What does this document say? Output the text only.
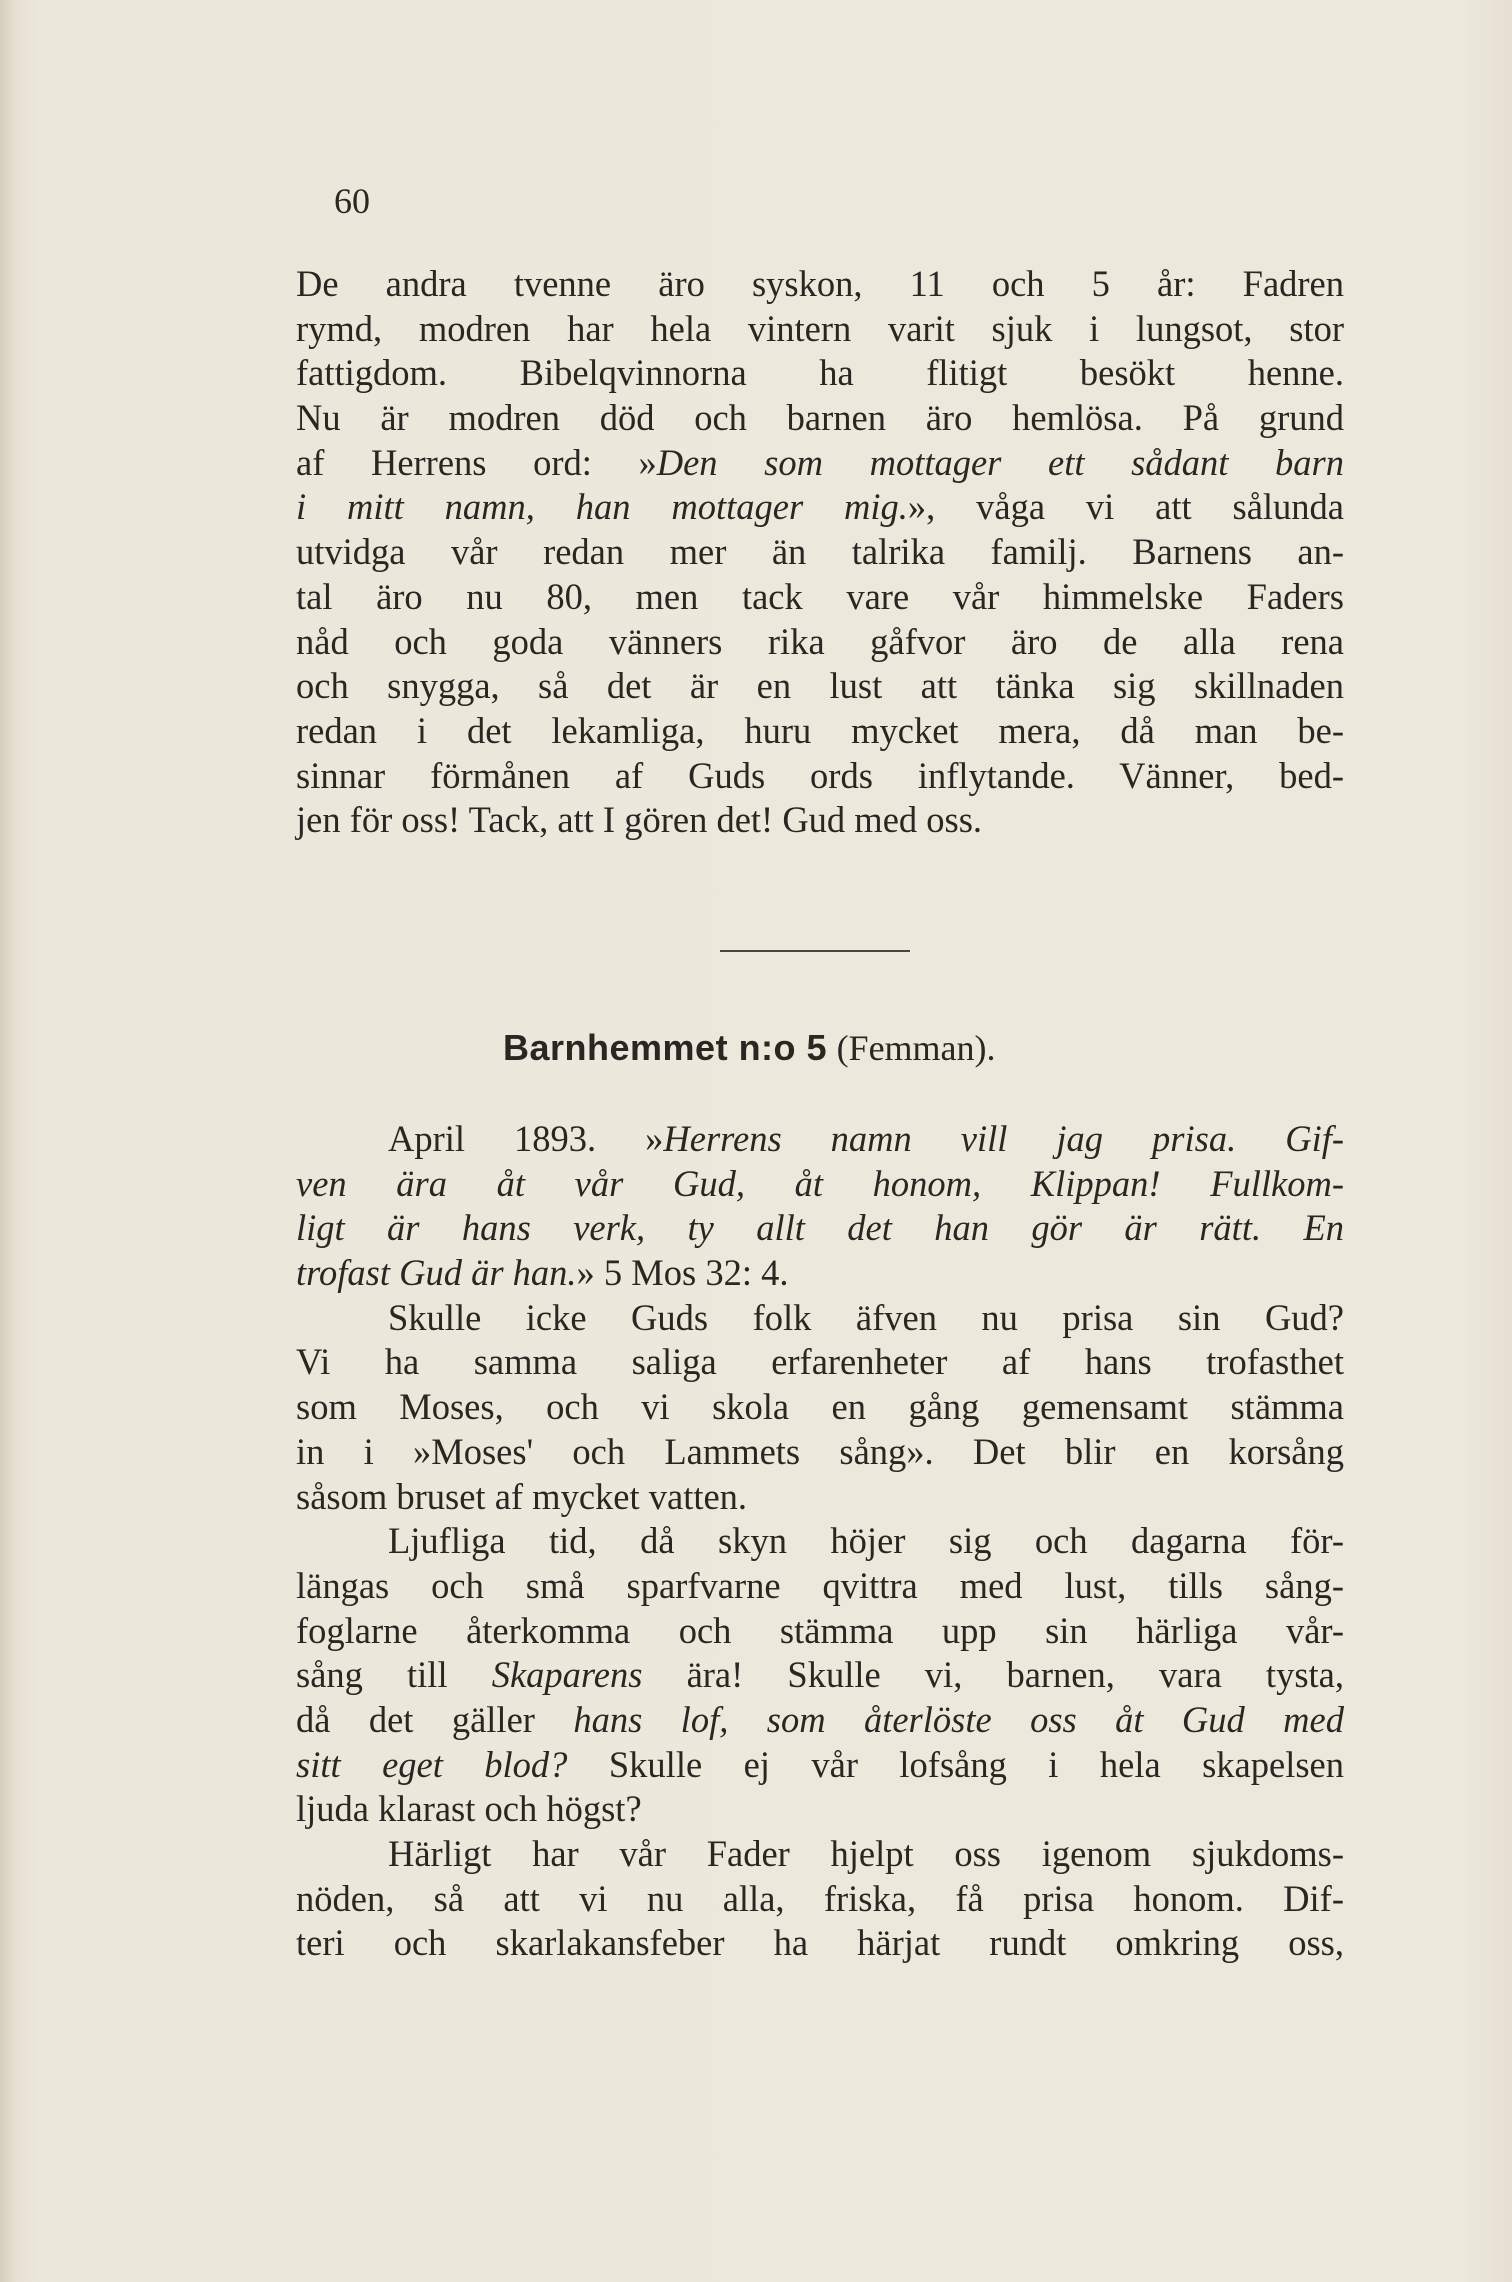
60
De andra tvenne äro syskon, 11 och 5 år: Fadren
rymd, modren har hela vintern varit sjuk i lungsot, stor
fattigdom. Bibelqvinnorna ha flitigt besökt henne.
Nu är modren död och barnen äro hemlösa. På grund
af Herrens ord: »Den som mottager ett sådant barn
i mitt namn, han mottager mig.», våga vi att sålunda
utvidga vår redan mer än talrika familj. Barnens an-
tal äro nu 80, men tack vare vår himmelske Faders
nåd och goda vänners rika gåfvor äro de alla rena
och snygga, så det är en lust att tänka sig skillnaden
redan i det lekamliga, huru mycket mera, då man be-
sinnar förmånen af Guds ords inflytande. Vänner, bed-
jen för oss! Tack, att I gören det! Gud med oss.
Barnhemmet n:o 5 (Femman).
April 1893. »Herrens namn vill jag prisa. Gif-
ven ära åt vår Gud, åt honom, Klippan! Fullkom-
ligt är hans verk, ty allt det han gör är rätt. En
trofast Gud är han.» 5 Mos 32: 4.
Skulle icke Guds folk äfven nu prisa sin Gud?
Vi ha samma saliga erfarenheter af hans trofasthet
som Moses, och vi skola en gång gemensamt stämma
in i »Moses' och Lammets sång». Det blir en korsång
såsom bruset af mycket vatten.
Ljufliga tid, då skyn höjer sig och dagarna för-
längas och små sparfvarne qvittra med lust, tills sång-
foglarne återkomma och stämma upp sin härliga vår-
sång till Skaparens ära! Skulle vi, barnen, vara tysta,
då det gäller hans lof, som återlöste oss åt Gud med
sitt eget blod? Skulle ej vår lofsång i hela skapelsen
ljuda klarast och högst?
Härligt har vår Fader hjelpt oss igenom sjukdoms-
nöden, så att vi nu alla, friska, få prisa honom. Dif-
teri och skarlakansfeber ha härjat rundt omkring oss,
